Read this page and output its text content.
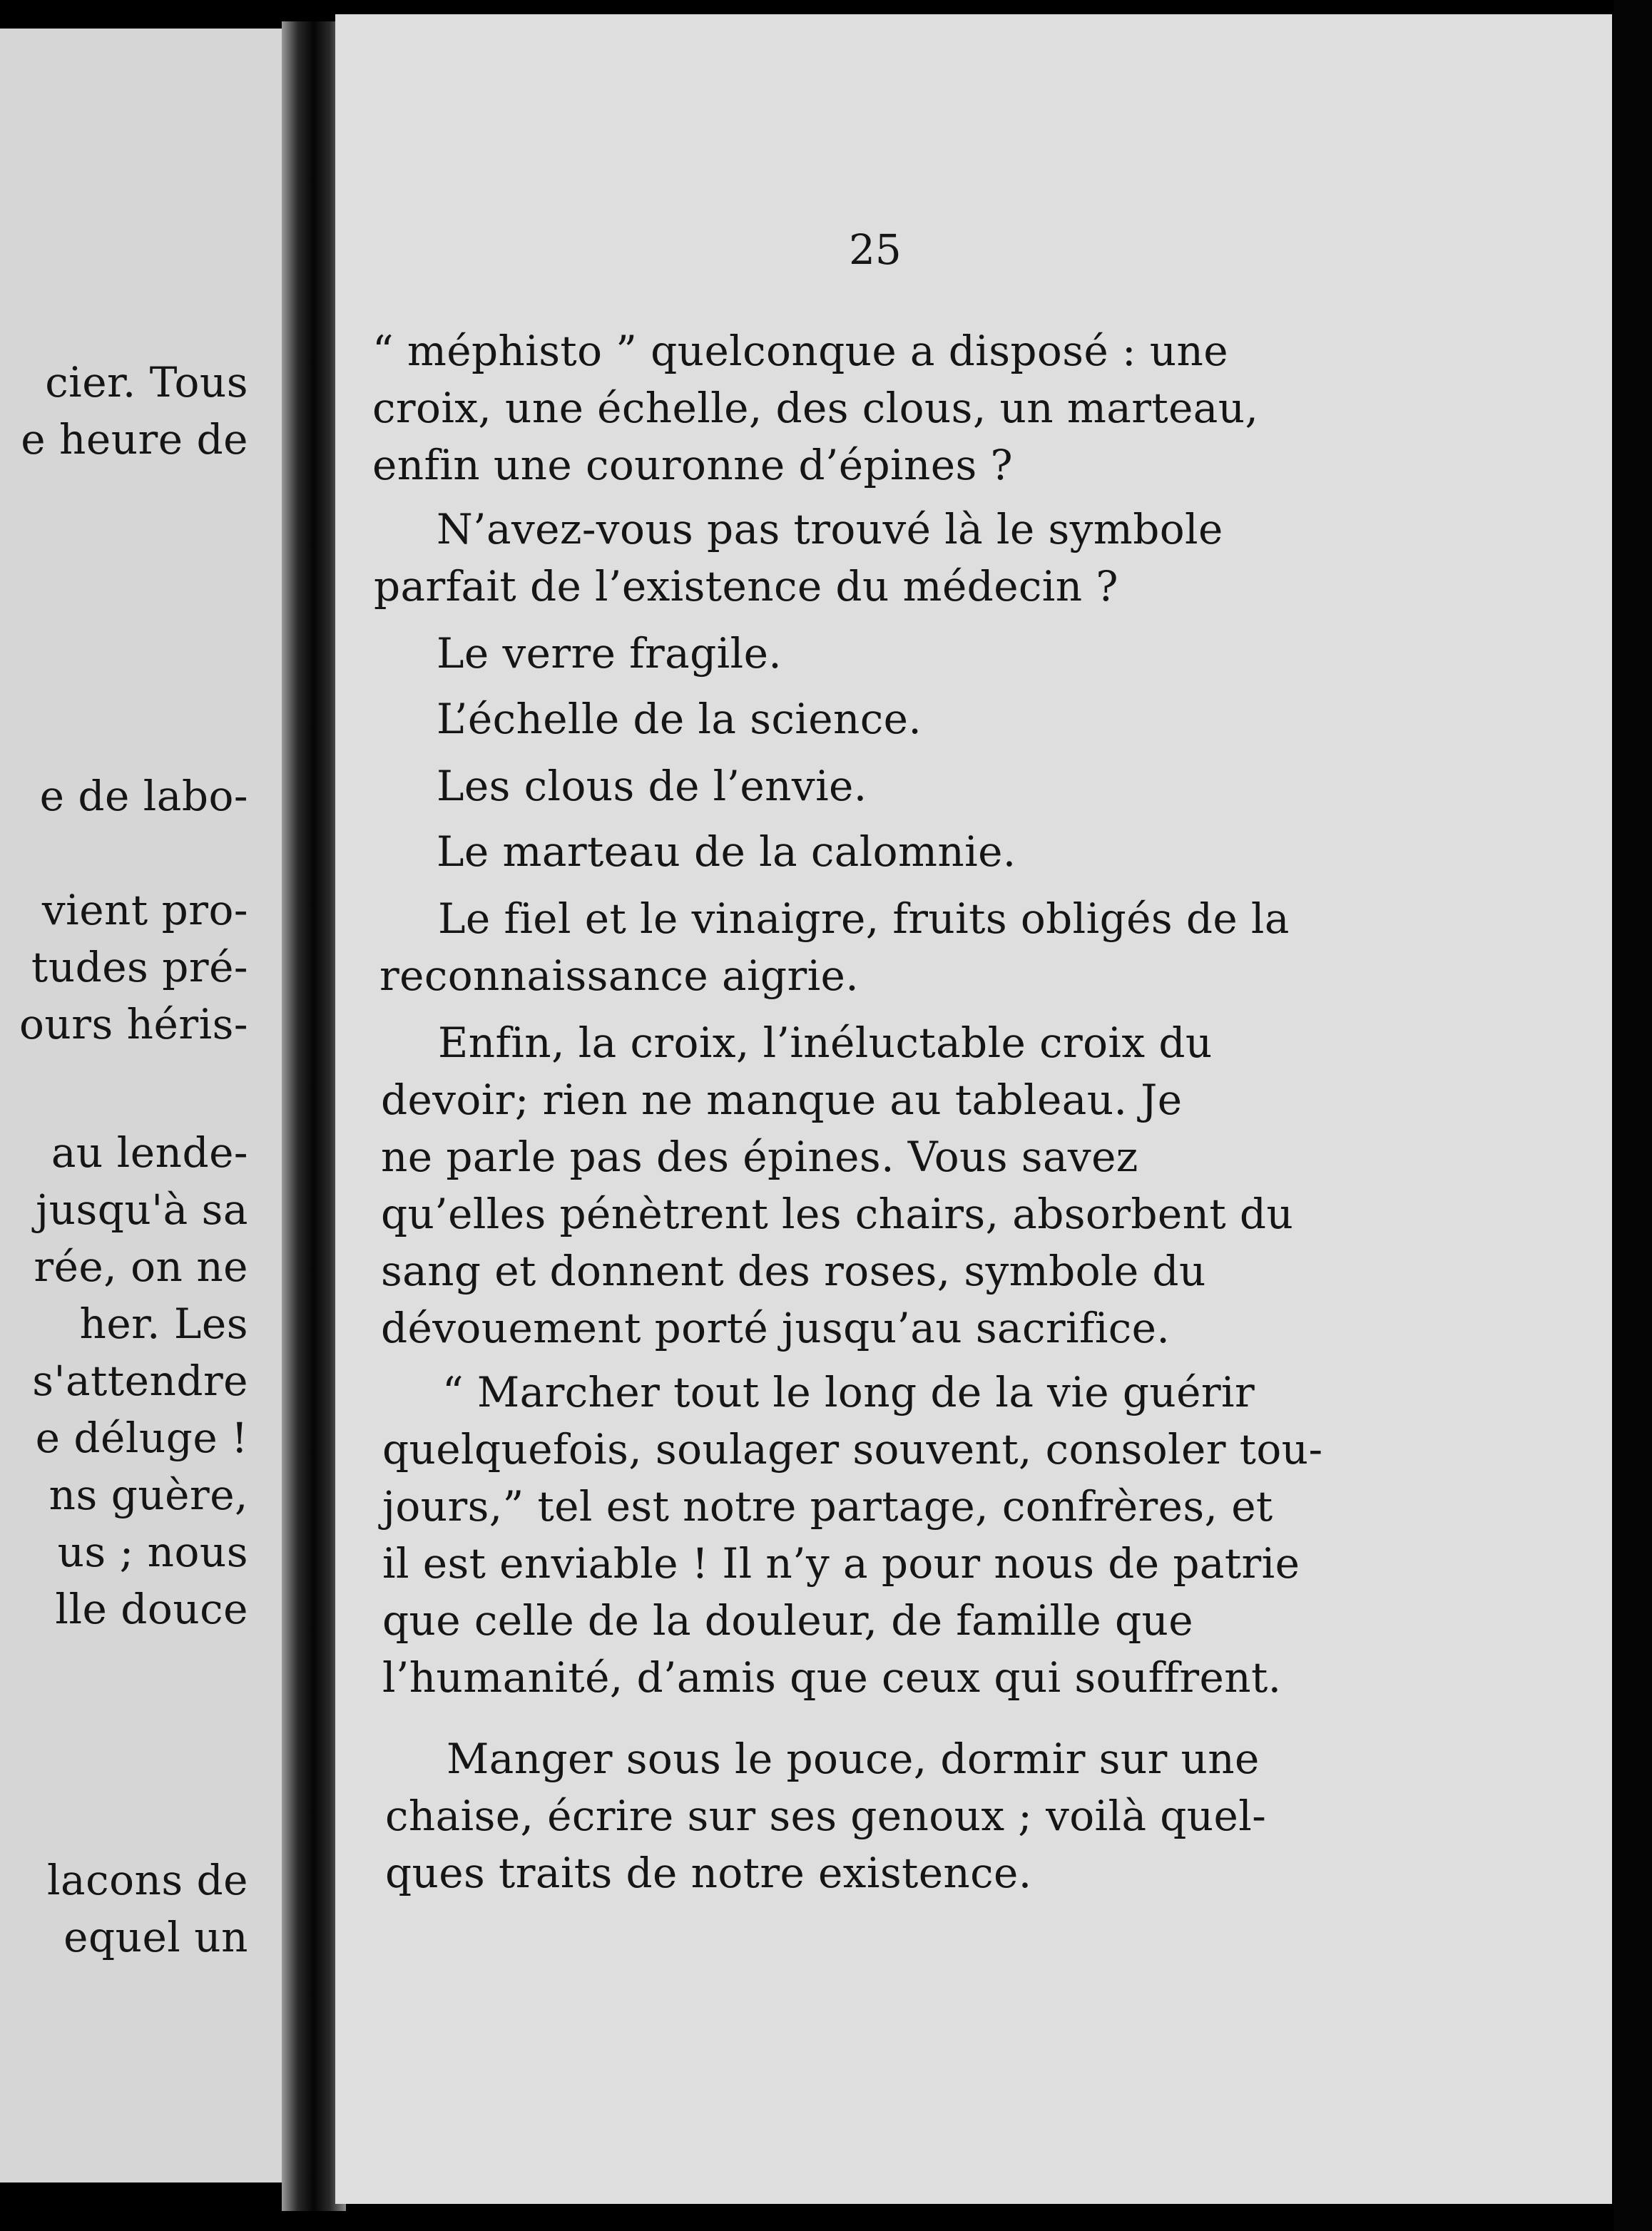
cier. Tous
e heure de
e de labo-
vient pro-
tudes pré-
ours héris-
au lende-
jusqu'à sa
rée, on ne
her. Les
s'attendre
e déluge !
ns guère,
us ; nous
lle douce
lacons de
equel un
25
“ méphisto ” quelconque a disposé : une
croix, une échelle, des clous, un marteau,
enfin une couronne d’épines ?
N’avez-vous pas trouvé là le symbole
parfait de l’existence du médecin ?
Le verre fragile.
L’échelle de la science.
Les clous de l’envie.
Le marteau de la calomnie.
Le fiel et le vinaigre, fruits obligés de la
reconnaissance aigrie.
Enfin, la croix, l’inéluctable croix du
devoir; rien ne manque au tableau. Je
ne parle pas des épines. Vous savez
qu’elles pénètrent les chairs, absorbent du
sang et donnent des roses, symbole du
dévouement porté jusqu’au sacrifice.
“ Marcher tout le long de la vie guérir
quelquefois, soulager souvent, consoler tou-
jours,” tel est notre partage, confrères, et
il est enviable ! Il n’y a pour nous de patrie
que celle de la douleur, de famille que
l’humanité, d’amis que ceux qui souffrent.
Manger sous le pouce, dormir sur une
chaise, écrire sur ses genoux ; voilà quel-
ques traits de notre existence.
